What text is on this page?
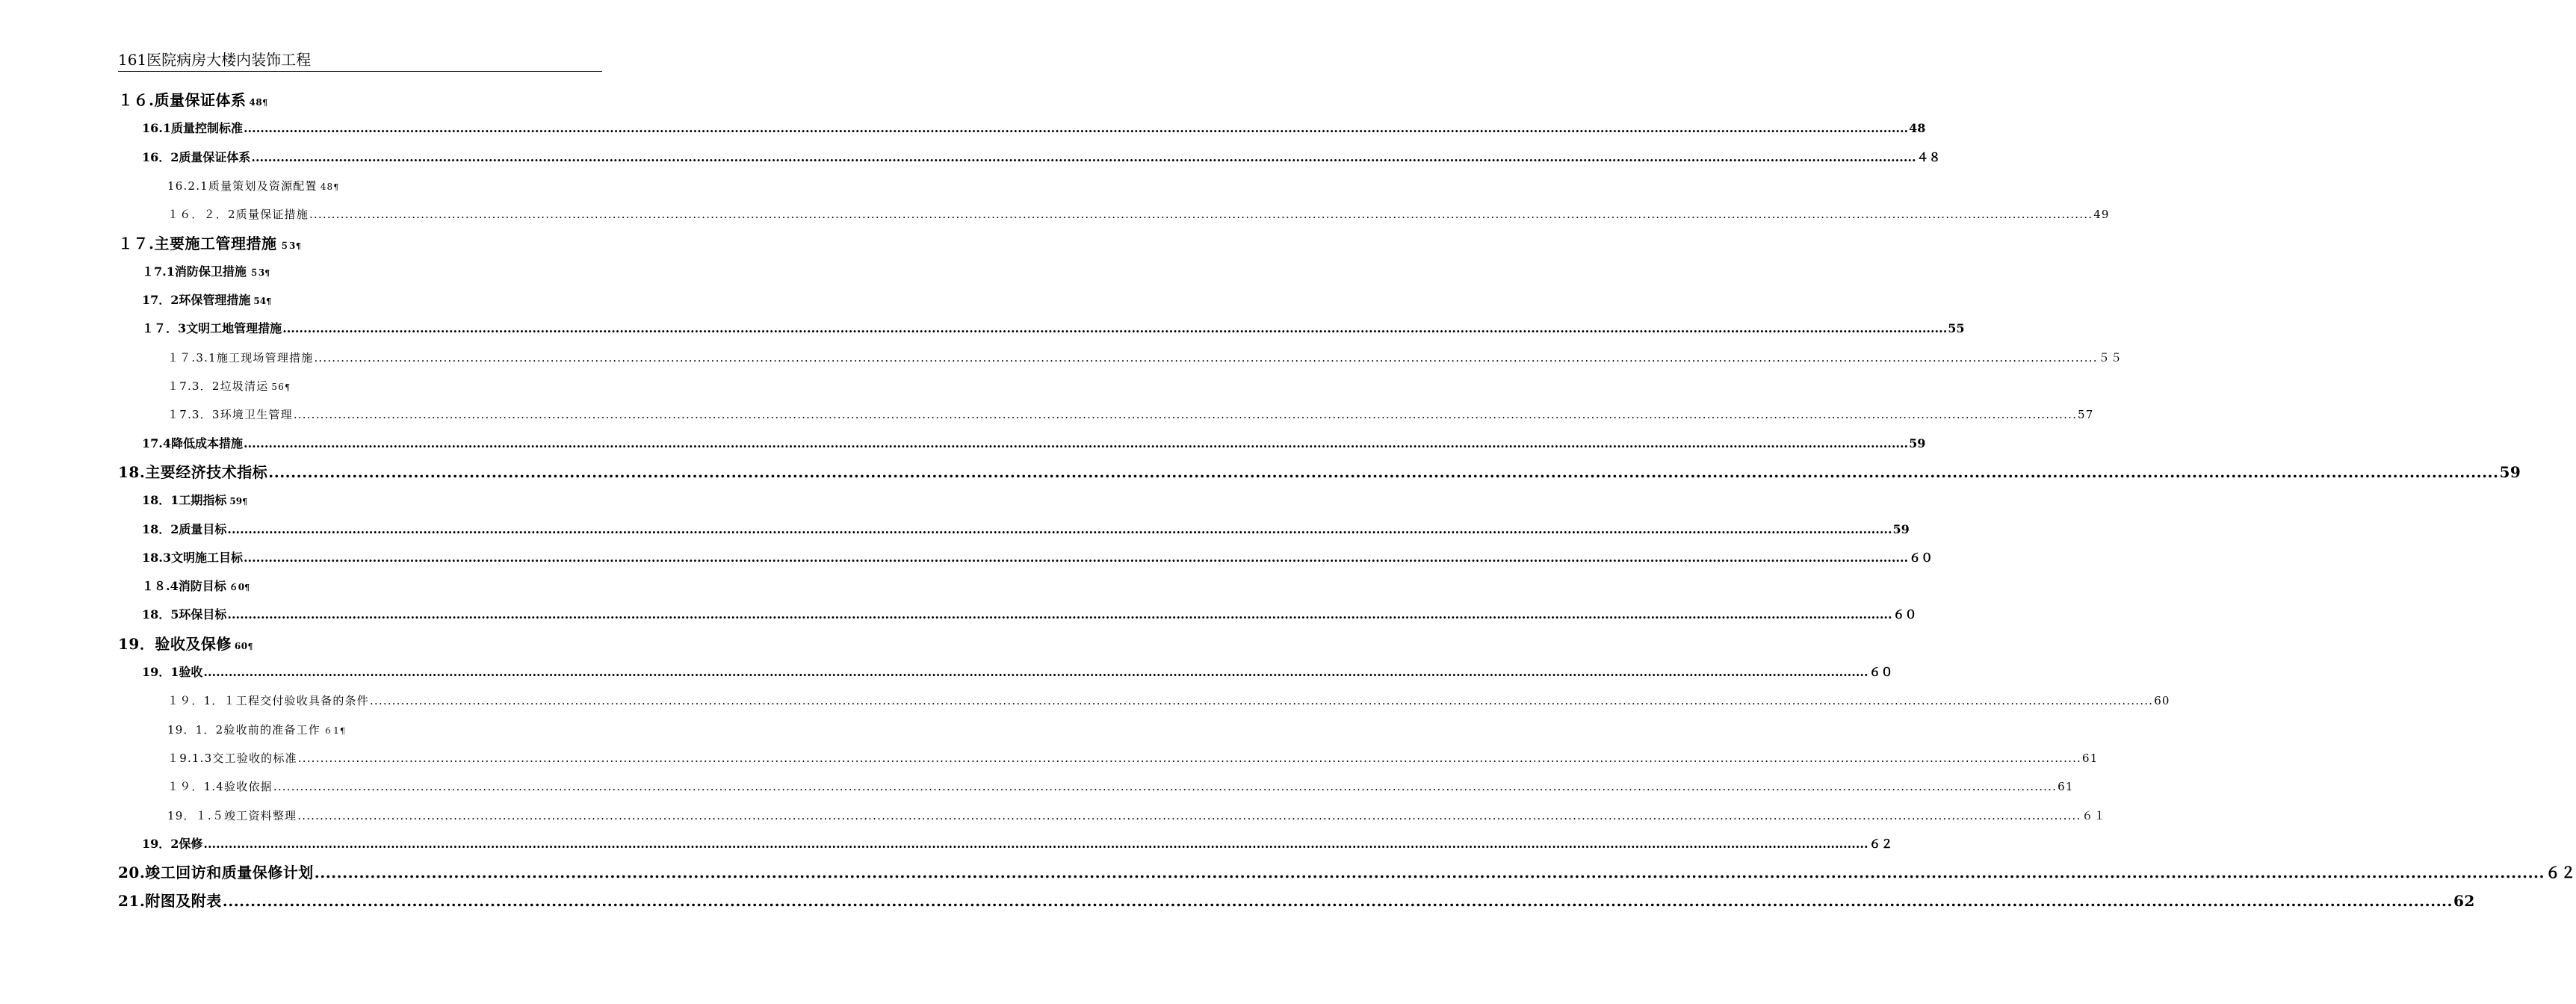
161医院病房大楼内装饰工程
１６.质量保证体系 48 ¶
16.1质量控制标准 ................................................................................................................................................................................................................................................................................................................................................................................................................ 48
16．2质量保证体系 ................................................................................................................................................................................................................................................................................................................................................................................................................ ４８
16.2.1质量策划及资源配置 48 ¶
１６．２．2质量保证措施 ................................................................................................................................................................................................................................................................................................................................................................................................................ 49
１７.主要施工管理措施 ５3 ¶
１7.1消防保卫措施 ５3 ¶
17．2环保管理措施 54 ¶
１７．3文明工地管理措施 ................................................................................................................................................................................................................................................................................................................................................................................................................ 55
１７.3.1施工现场管理措施 ................................................................................................................................................................................................................................................................................................................................................................................................................ ５５
１7.3．2垃圾清运 56 ¶
１7.3．3环境卫生管理 ................................................................................................................................................................................................................................................................................................................................................................................................................ 57
17.4降低成本措施 ................................................................................................................................................................................................................................................................................................................................................................................................................ 59
18.主要经济技术指标 ................................................................................................................................................................................................................................................................................................................................................................................................................ 59
18．1工期指标 59 ¶
18．2质量目标 ................................................................................................................................................................................................................................................................................................................................................................................................................ 59
18.3文明施工目标 ................................................................................................................................................................................................................................................................................................................................................................................................................ ６０
１８.4消防目标 ６0 ¶
18．5环保目标 ................................................................................................................................................................................................................................................................................................................................................................................................................ ６０
19．验收及保修 60 ¶
19．1验收 ................................................................................................................................................................................................................................................................................................................................................................................................................ ６０
１９．1．１工程交付验收具备的条件 ................................................................................................................................................................................................................................................................................................................................................................................................................ 60
19．1．2验收前的准备工作 ６1 ¶
１9.1.3交工验收的标准 ................................................................................................................................................................................................................................................................................................................................................................................................................ 61
１９．1.4验收依据 ................................................................................................................................................................................................................................................................................................................................................................................................................ 61
19．１.５竣工资料整理 ................................................................................................................................................................................................................................................................................................................................................................................................................ ６１
19．2保修 ................................................................................................................................................................................................................................................................................................................................................................................................................ ６２
20.竣工回访和质量保修计划 ................................................................................................................................................................................................................................................................................................................................................................................................................ ６２
21.附图及附表 ................................................................................................................................................................................................................................................................................................................................................................................................................ 62
